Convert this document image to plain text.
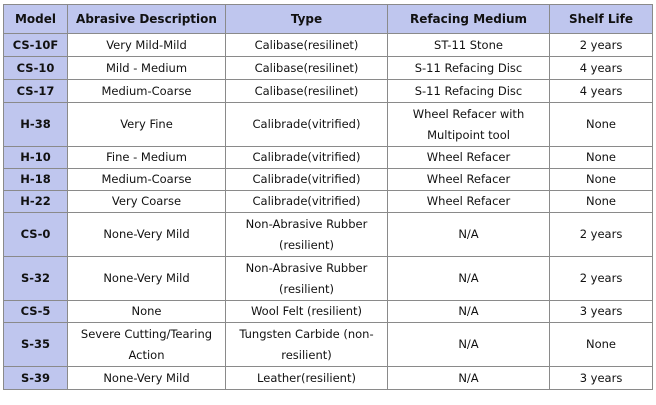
Model	Abrasive Description	Type	Refacing Medium	Shelf Life
CS-10F	Very Mild-Mild	Calibase(resilinet)	ST-11 Stone	2 years
CS-10	Mild - Medium	Calibase(resilinet)	S-11 Refacing Disc	4 years
CS-17	Medium-Coarse	Calibase(resilinet)	S-11 Refacing Disc	4 years
H-38	Very Fine	Calibrade(vitrified)	Wheel Refacer with Multipoint tool	None
H-10	Fine - Medium	Calibrade(vitrified)	Wheel Refacer	None
H-18	Medium-Coarse	Calibrade(vitrified)	Wheel Refacer	None
H-22	Very Coarse	Calibrade(vitrified)	Wheel Refacer	None
CS-0	None-Very Mild	Non-Abrasive Rubber (resilient)	N/A	2 years
S-32	None-Very Mild	Non-Abrasive Rubber (resilient)	N/A	2 years
CS-5	None	Wool Felt (resilient)	N/A	3 years
S-35	Severe Cutting/Tearing Action	Tungsten Carbide (non-resilient)	N/A	None
S-39	None-Very Mild	Leather(resilient)	N/A	3 years
